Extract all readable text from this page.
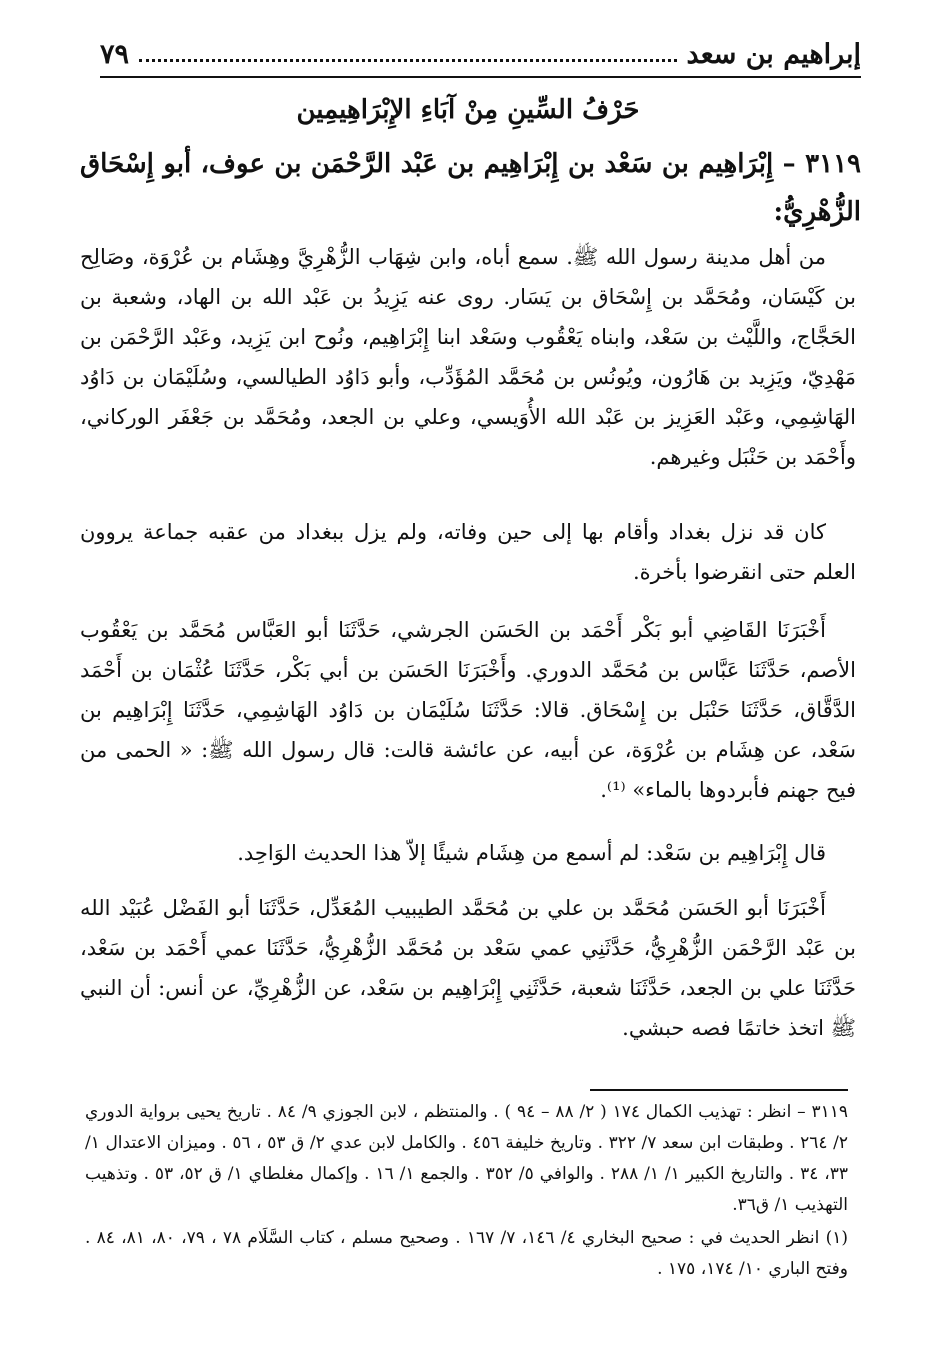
إبراهيم بن سعد
٧٩
حَرْفُ السِّينِ مِنْ آبَاءِ الإِبْرَاهِيمِين
٣١١٩ – إِبْرَاهِيم بن سَعْد بن إِبْرَاهِيم بن عَبْد الرَّحْمَن بن عوف، أبو إِسْحَاق الزُّهْرِيُّ:

من أهل مدينة رسول الله ﷺ. سمع أباه، وابن شِهَاب الزُّهْرِيَّ وهِشَام بن عُرْوَة، وصَالِح بن كَيْسَان، ومُحَمَّد بن إِسْحَاق بن يَسَار. روى عنه يَزِيدُ بن عَبْد الله بن الهاد، وشعبة بن الحَجَّاج، واللَّيْث بن سَعْد، وابناه يَعْقُوب وسَعْد ابنا إِبْرَاهِيم، ونُوح ابن يَزِيد، وعَبْد الرَّحْمَن بن مَهْدِيّ، ويَزِيد بن هَارُون، ويُونُس بن مُحَمَّد المُؤَدِّب، وأبو دَاوُد الطيالسي، وسُلَيْمَان بن دَاوُد الهَاشِمِي، وعَبْد العَزِيز بن عَبْد الله الأُوَيسي، وعلي بن الجعد، ومُحَمَّد بن جَعْفَر الوركاني، وأَحْمَد بن حَنْبَل وغيرهم.

كان قد نزل بغداد وأقام بها إلى حين وفاته، ولم يزل ببغداد من عقبه جماعة يروون العلم حتى انقرضوا بأخرة.

أَخْبَرَنَا القَاضِي أبو بَكْر أَحْمَد بن الحَسَن الجرشي، حَدَّثَنَا أبو العَبَّاس مُحَمَّد بن يَعْقُوب الأصم، حَدَّثَنَا عَبَّاس بن مُحَمَّد الدوري. وأَخْبَرَنَا الحَسَن بن أبي بَكْر، حَدَّثَنَا عُثْمَان بن أَحْمَد الدَّقَّاق، حَدَّثَنَا حَنْبَل بن إِسْحَاق. قالا: حَدَّثَنَا سُلَيْمَان بن دَاوُد الهَاشِمِي، حَدَّثَنَا إِبْرَاهِيم بن سَعْد، عن هِشَام بن عُرْوَة، عن أبيه، عن عائشة قالت: قال رسول الله ﷺ: « الحمى من فيح جهنم فأبردوها بالماء» ⁽¹⁾.

قال إِبْرَاهِيم بن سَعْد: لم أسمع من هِشَام شيئًا إلاّ هذا الحديث الوَاحِد.

أَخْبَرَنَا أبو الحَسَن مُحَمَّد بن علي بن مُحَمَّد الطيبيب المُعَدِّل، حَدَّثَنَا أبو الفَضْل عُبَيْد الله بن عَبْد الرَّحْمَن الزُّهْرِيُّ، حَدَّثَنِي عمي سَعْد بن مُحَمَّد الزُّهْرِيُّ، حَدَّثَنَا عمي أَحْمَد بن سَعْد، حَدَّثَنَا علي بن الجعد، حَدَّثَنَا شعبة، حَدَّثَنِي إِبْرَاهِيم بن سَعْد، عن الزُّهْرِيِّ، عن أنس: أن النبي ﷺ اتخذ خاتمًا فصه حبشي.

٣١١٩ – انظر : تهذيب الكمال ١٧٤ ( ٢/ ٨٨ – ٩٤ ) . والمنتظم ، لابن الجوزي ٩/ ٨٤ . تاريخ يحيى برواية الدوري ٢/ ٢٦٤ . وطبقات ابن سعد ٧/ ٣٢٢ . وتاريخ خليفة ٤٥٦ . والكامل لابن عدي ٢/ ق ٥٣ ، ٥٦ . وميزان الاعتدال ١/ ٣٣، ٣٤ . والتاريخ الكبير ١/ ١/ ٢٨٨ . والوافي ٥/ ٣٥٢ . والجمع ١/ ١٦ . وإكمال مغلطاي ١/ ق ٥٢، ٥٣ . وتذهيب التهذيب ١/ ق٣٦.

(١) انظر الحديث في : صحيح البخاري ٤/ ١٤٦، ٧/ ١٦٧ . وصحيح مسلم ، كتاب السَّلَام ٧٨ ، ٧٩، ٨٠، ٨١، ٨٤ . وفتح الباري ١٠/ ١٧٤، ١٧٥ .
